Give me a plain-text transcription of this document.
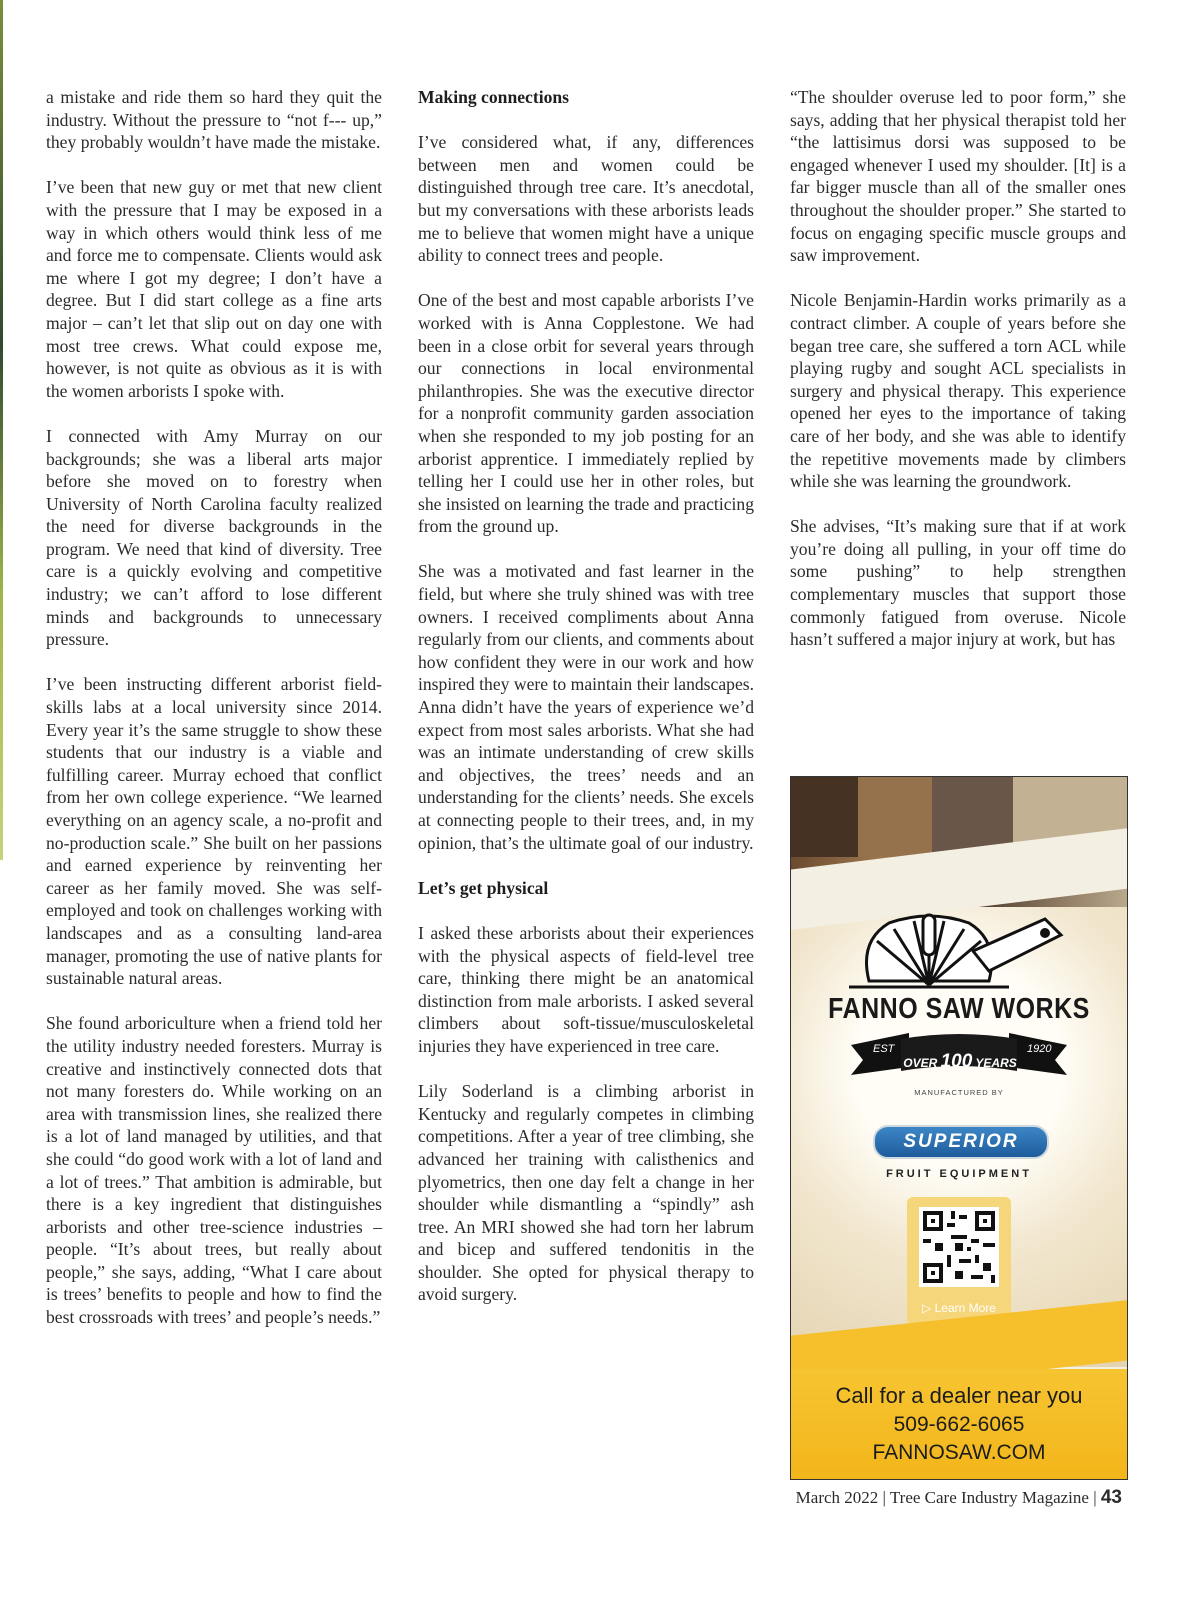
a mistake and ride them so hard they quit the industry. Without the pressure to “not f--- up,” they probably wouldn’t have made the mistake.

I’ve been that new guy or met that new client with the pressure that I may be exposed in a way in which others would think less of me and force me to compensate. Clients would ask me where I got my degree; I don’t have a degree. But I did start college as a fine arts major – can’t let that slip out on day one with most tree crews. What could expose me, however, is not quite as obvious as it is with the women arborists I spoke with.

I connected with Amy Murray on our backgrounds; she was a liberal arts major before she moved on to forestry when University of North Carolina faculty realized the need for diverse backgrounds in the program. We need that kind of diversity. Tree care is a quickly evolving and competitive industry; we can’t afford to lose different minds and backgrounds to unnecessary pressure.

I’ve been instructing different arborist field-skills labs at a local university since 2014. Every year it’s the same struggle to show these students that our industry is a viable and fulfilling career. Murray echoed that conflict from her own college experience. “We learned everything on an agency scale, a no-profit and no-production scale.” She built on her passions and earned experience by reinventing her career as her family moved. She was self-employed and took on challenges working with landscapes and as a consulting land-area manager, promoting the use of native plants for sustainable natural areas.

She found arboriculture when a friend told her the utility industry needed foresters. Murray is creative and instinctively connected dots that not many foresters do. While working on an area with transmission lines, she realized there is a lot of land managed by utilities, and that she could “do good work with a lot of land and a lot of trees.” That ambition is admirable, but there is a key ingredient that distinguishes arborists and other tree-science industries – people. “It’s about trees, but really about people,” she says, adding, “What I care about is trees’ benefits to people and how to find the best crossroads with trees’ and people’s needs.”

Making connections

I’ve considered what, if any, differences between men and women could be distinguished through tree care. It’s anecdotal, but my conversations with these arborists leads me to believe that women might have a unique ability to connect trees and people.

One of the best and most capable arborists I’ve worked with is Anna Copplestone. We had been in a close orbit for several years through our connections in local environmental philanthropies. She was the executive director for a nonprofit community garden association when she responded to my job posting for an arborist apprentice. I immediately replied by telling her I could use her in other roles, but she insisted on learning the trade and practicing from the ground up.

She was a motivated and fast learner in the field, but where she truly shined was with tree owners. I received compliments about Anna regularly from our clients, and comments about how confident they were in our work and how inspired they were to maintain their landscapes. Anna didn’t have the years of experience we’d expect from most sales arborists. What she had was an intimate understanding of crew skills and objectives, the trees’ needs and an understanding for the clients’ needs. She excels at connecting people to their trees, and, in my opinion, that’s the ultimate goal of our industry.

Let’s get physical

I asked these arborists about their experiences with the physical aspects of field-level tree care, thinking there might be an anatomical distinction from male arborists. I asked several climbers about soft-tissue/musculoskeletal injuries they have experienced in tree care.

Lily Soderland is a climbing arborist in Kentucky and regularly competes in climbing competitions. After a year of tree climbing, she advanced her training with calisthenics and plyometrics, then one day felt a change in her shoulder while dismantling a “spindly” ash tree. An MRI showed she had torn her labrum and bicep and suffered tendonitis in the shoulder. She opted for physical therapy to avoid surgery.

“The shoulder overuse led to poor form,” she says, adding that her physical therapist told her “the lattisimus dorsi was supposed to be engaged whenever I used my shoulder. [It] is a far bigger muscle than all of the smaller ones throughout the shoulder proper.” She started to focus on engaging specific muscle groups and saw improvement.

Nicole Benjamin-Hardin works primarily as a contract climber. A couple of years before she began tree care, she suffered a torn ACL while playing rugby and sought ACL specialists in surgery and physical therapy. This experience opened her eyes to the importance of taking care of her body, and she was able to identify the repetitive movements made by climbers while she was learning the groundwork.

She advises, “It’s making sure that if at work you’re doing all pulling, in your off time do some pushing” to help strengthen complementary muscles that support those commonly fatigued from overuse. Nicole hasn’t suffered a major injury at work, but has

FANNO SAW WORKS
EST	1920
OVER 100 YEARS
MANUFACTURED BY
SUPERIOR
FRUIT EQUIPMENT
▷ Learn More
Call for a dealer near you
509-662-6065
FANNOSAW.COM
March 2022 | Tree Care Industry Magazine | 43
